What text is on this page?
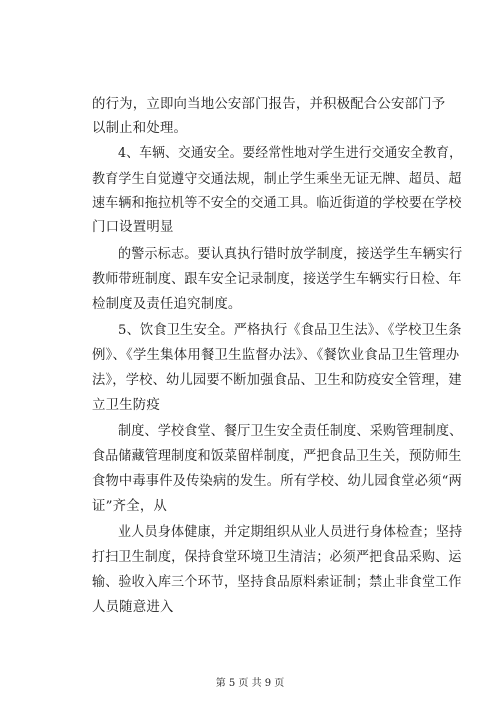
的行为，立即向当地公安部门报告，并积极配合公安部门予
以制止和处理。
4、车辆、交通安全。要经常性地对学生进行交通安全教育，
教育学生自觉遵守交通法规，制止学生乘坐无证无牌、超员、超
速车辆和拖拉机等不安全的交通工具。临近街道的学校要在学校
门口设置明显
的警示标志。要认真执行错时放学制度，接送学生车辆实行
教师带班制度、跟车安全记录制度，接送学生车辆实行日检、年
检制度及责任追究制度。
5、饮食卫生安全。严格执行《食品卫生法》、《学校卫生条
例》、《学生集体用餐卫生监督办法》、《餐饮业食品卫生管理办
法》，学校、幼儿园要不断加强食品、卫生和防疫安全管理，建
立卫生防疫
制度、学校食堂、餐厅卫生安全责任制度、采购管理制度、
食品储藏管理制度和饭菜留样制度，严把食品卫生关，预防师生
食物中毒事件及传染病的发生。所有学校、幼儿园食堂必须“两
证”齐全，从
业人员身体健康，并定期组织从业人员进行身体检查；坚持
打扫卫生制度，保持食堂环境卫生清洁；必须严把食品采购、运
输、验收入库三个环节，坚持食品原料索证制；禁止非食堂工作
人员随意进入
第 5 页 共 9 页
